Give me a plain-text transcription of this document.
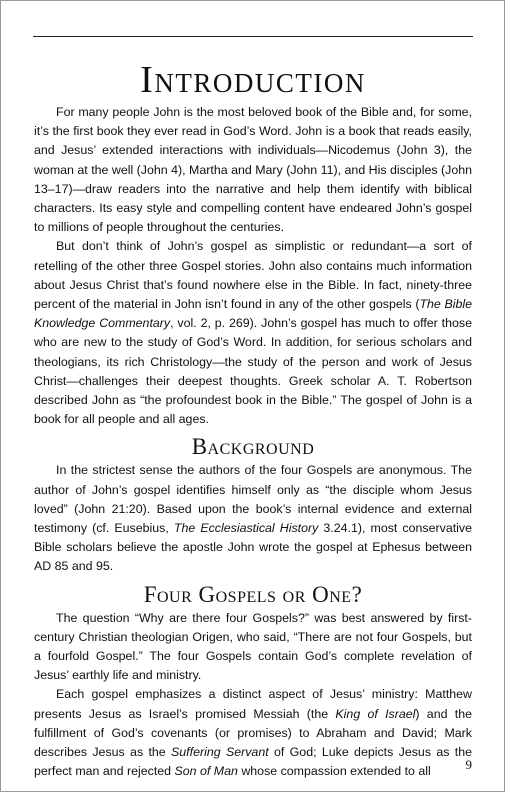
Introduction

For many people John is the most beloved book of the Bible and, for some, it’s the first book they ever read in God’s Word. John is a book that reads easily, and Jesus’ extended interactions with individuals—Nicodemus (John 3), the woman at the well (John 4), Martha and Mary (John 11), and His disciples (John 13–17)—draw readers into the narrative and help them identify with biblical characters. Its easy style and compelling content have endeared John’s gospel to millions of people throughout the centuries.

But don’t think of John’s gospel as simplistic or redundant—a sort of retelling of the other three Gospel stories. John also contains much information about Jesus Christ that’s found nowhere else in the Bible. In fact, ninety-three percent of the material in John isn’t found in any of the other gospels (The Bible Knowledge Commentary, vol. 2, p. 269). John’s gospel has much to offer those who are new to the study of God’s Word. In addition, for serious scholars and theologians, its rich Christology—the study of the person and work of Jesus Christ—challenges their deepest thoughts. Greek scholar A. T. Robertson described John as “the profoundest book in the Bible.” The gospel of John is a book for all people and all ages.

Background

In the strictest sense the authors of the four Gospels are anonymous. The author of John’s gospel identifies himself only as “the disciple whom Jesus loved” (John 21:20). Based upon the book’s internal evidence and external testimony (cf. Eusebius, The Ecclesiastical History 3.24.1), most conservative Bible scholars believe the apostle John wrote the gospel at Ephesus between AD 85 and 95.

Four Gospels or One?

The question “Why are there four Gospels?” was best answered by first-century Christian theologian Origen, who said, “There are not four Gospels, but a fourfold Gospel.” The four Gospels contain God’s complete revelation of Jesus’ earthly life and ministry.

Each gospel emphasizes a distinct aspect of Jesus’ ministry: Matthew presents Jesus as Israel’s promised Messiah (the King of Israel) and the fulfillment of God’s covenants (or promises) to Abraham and David; Mark describes Jesus as the Suffering Servant of God; Luke depicts Jesus as the perfect man and rejected Son of Man whose compassion extended to all	9
